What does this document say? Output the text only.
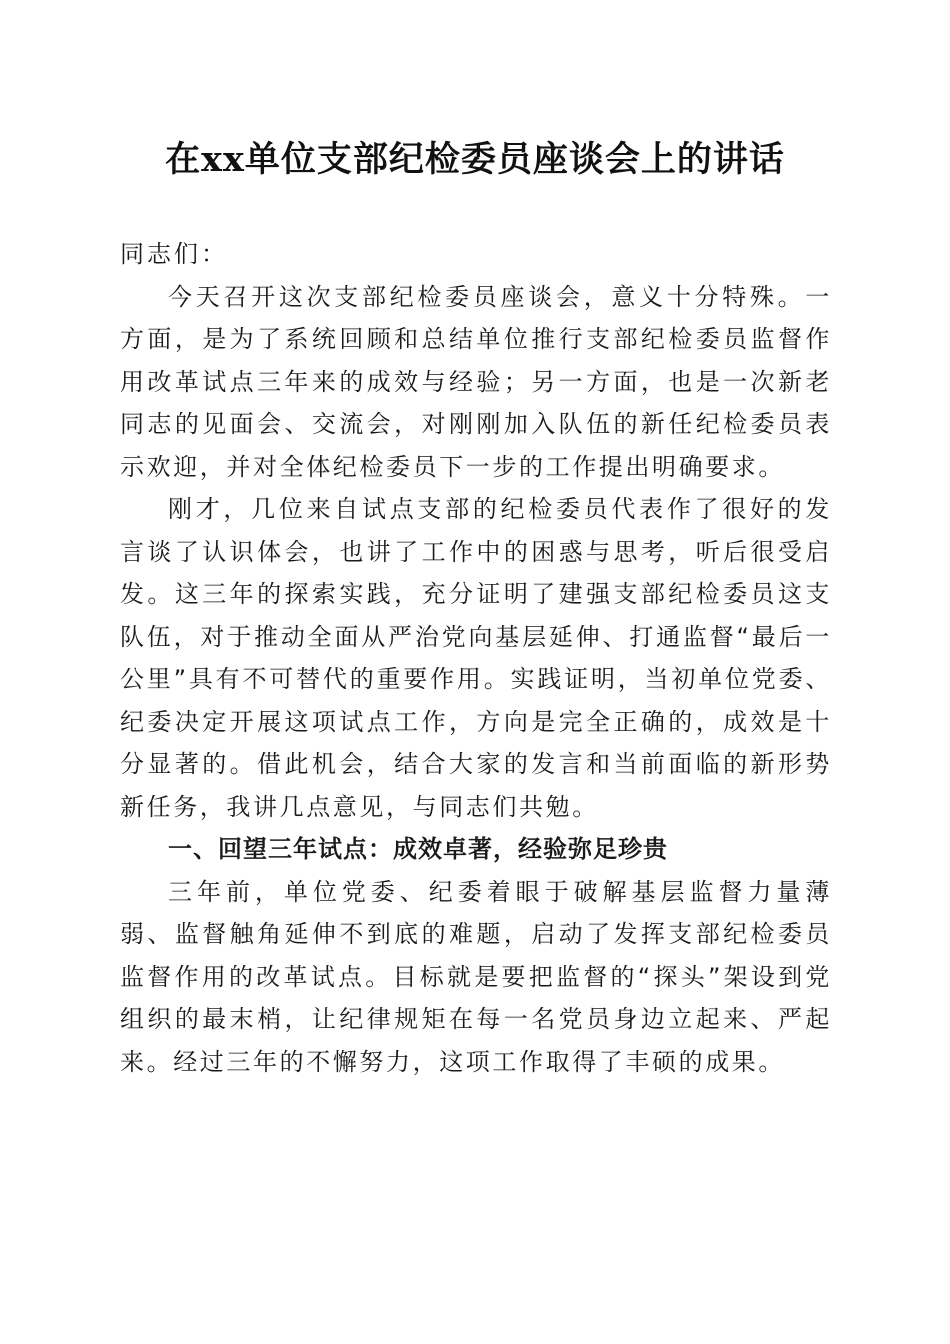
在xx单位支部纪检委员座谈会上的讲话

同志们：

今天召开这次支部纪检委员座谈会，意义十分特殊。一方面，是为了系统回顾和总结单位推行支部纪检委员监督作用改革试点三年来的成效与经验；另一方面，也是一次新老同志的见面会、交流会，对刚刚加入队伍的新任纪检委员表示欢迎，并对全体纪检委员下一步的工作提出明确要求。

刚才，几位来自试点支部的纪检委员代表作了很好的发言谈了认识体会，也讲了工作中的困惑与思考，听后很受启发。这三年的探索实践，充分证明了建强支部纪检委员这支队伍，对于推动全面从严治党向基层延伸、打通监督“最后一公里”具有不可替代的重要作用。实践证明，当初单位党委、纪委决定开展这项试点工作，方向是完全正确的，成效是十分显著的。借此机会，结合大家的发言和当前面临的新形势新任务，我讲几点意见，与同志们共勉。

一、回望三年试点：成效卓著，经验弥足珍贵

三年前，单位党委、纪委着眼于破解基层监督力量薄弱、监督触角延伸不到底的难题，启动了发挥支部纪检委员监督作用的改革试点。目标就是要把监督的“探头”架设到党组织的最末梢，让纪律规矩在每一名党员身边立起来、严起来。经过三年的不懈努力，这项工作取得了丰硕的成果。
